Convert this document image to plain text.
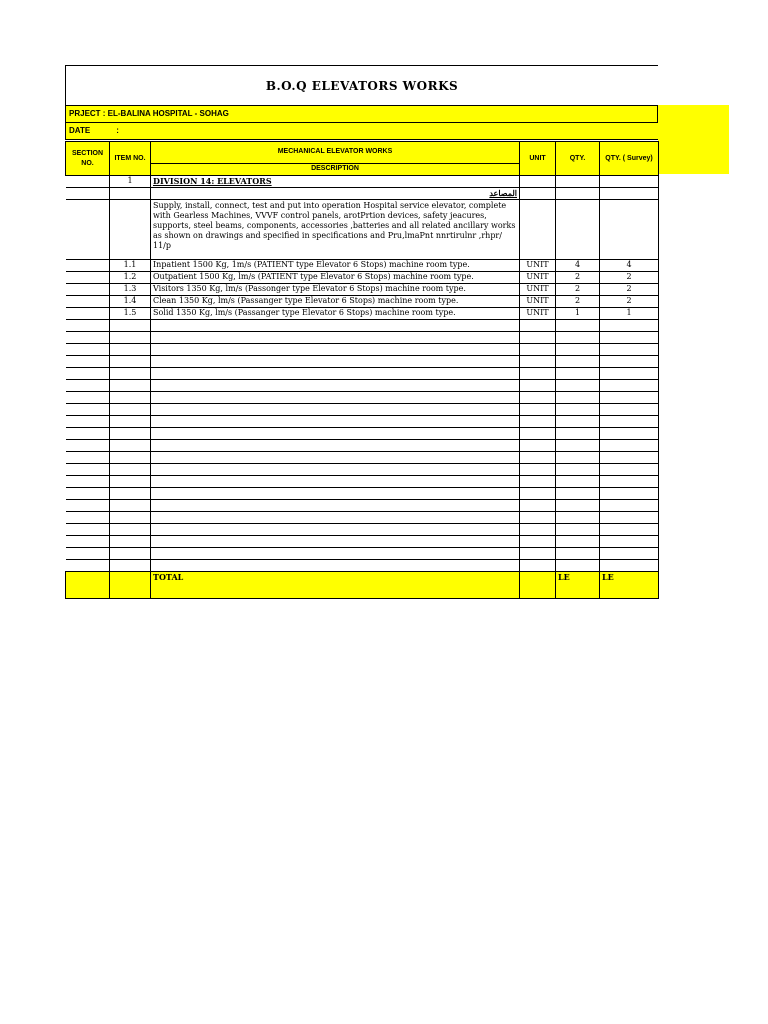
B.O.Q ELEVATORS WORKS
PRJECT : EL-BALINA HOSPITAL - SOHAG
DATE	:
SECTION NO.	ITEM NO.	MECHANICAL ELEVATOR WORKS	UNIT	QTY.	QTY. ( Survey)
		DESCRIPTION			
	1	DIVISION 14: ELEVATORS			
		المصاعد			
		Supply, install, connect, test and put into operation Hospital service elevator, complete with Gearless Machines, VVVF control panels, arotPrtion devices, safety jeacures, supports, steel beams, components, accessories ,batteries and all related ancillary works as shown on drawings and specified in specifications and Pru,lmaPnt nnrtirulnr ,rhpr/ 11/p			
	1.1	Inpatient 1500 Kg, 1m/s (PATIENT type Elevator 6 Stops) machine room type.	UNIT	4	4
	1.2	Outpatient 1500 Kg, lm/s (PATIENT type Elevator 6 Stops) machine room type.	UNIT	2	2
	1.3	Visitors 1350 Kg, lm/s (Passonger type Elevator 6 Stops) machine room type.	UNIT	2	2
	1.4	Clean 1350 Kg, lm/s (Passanger type Elevator 6 Stops) machine room type.	UNIT	2	2
	1.5	Solid 1350 Kg, lm/s (Passanger type Elevator 6 Stops) machine room type.	UNIT	1	1

		TOTAL		LE	LE
